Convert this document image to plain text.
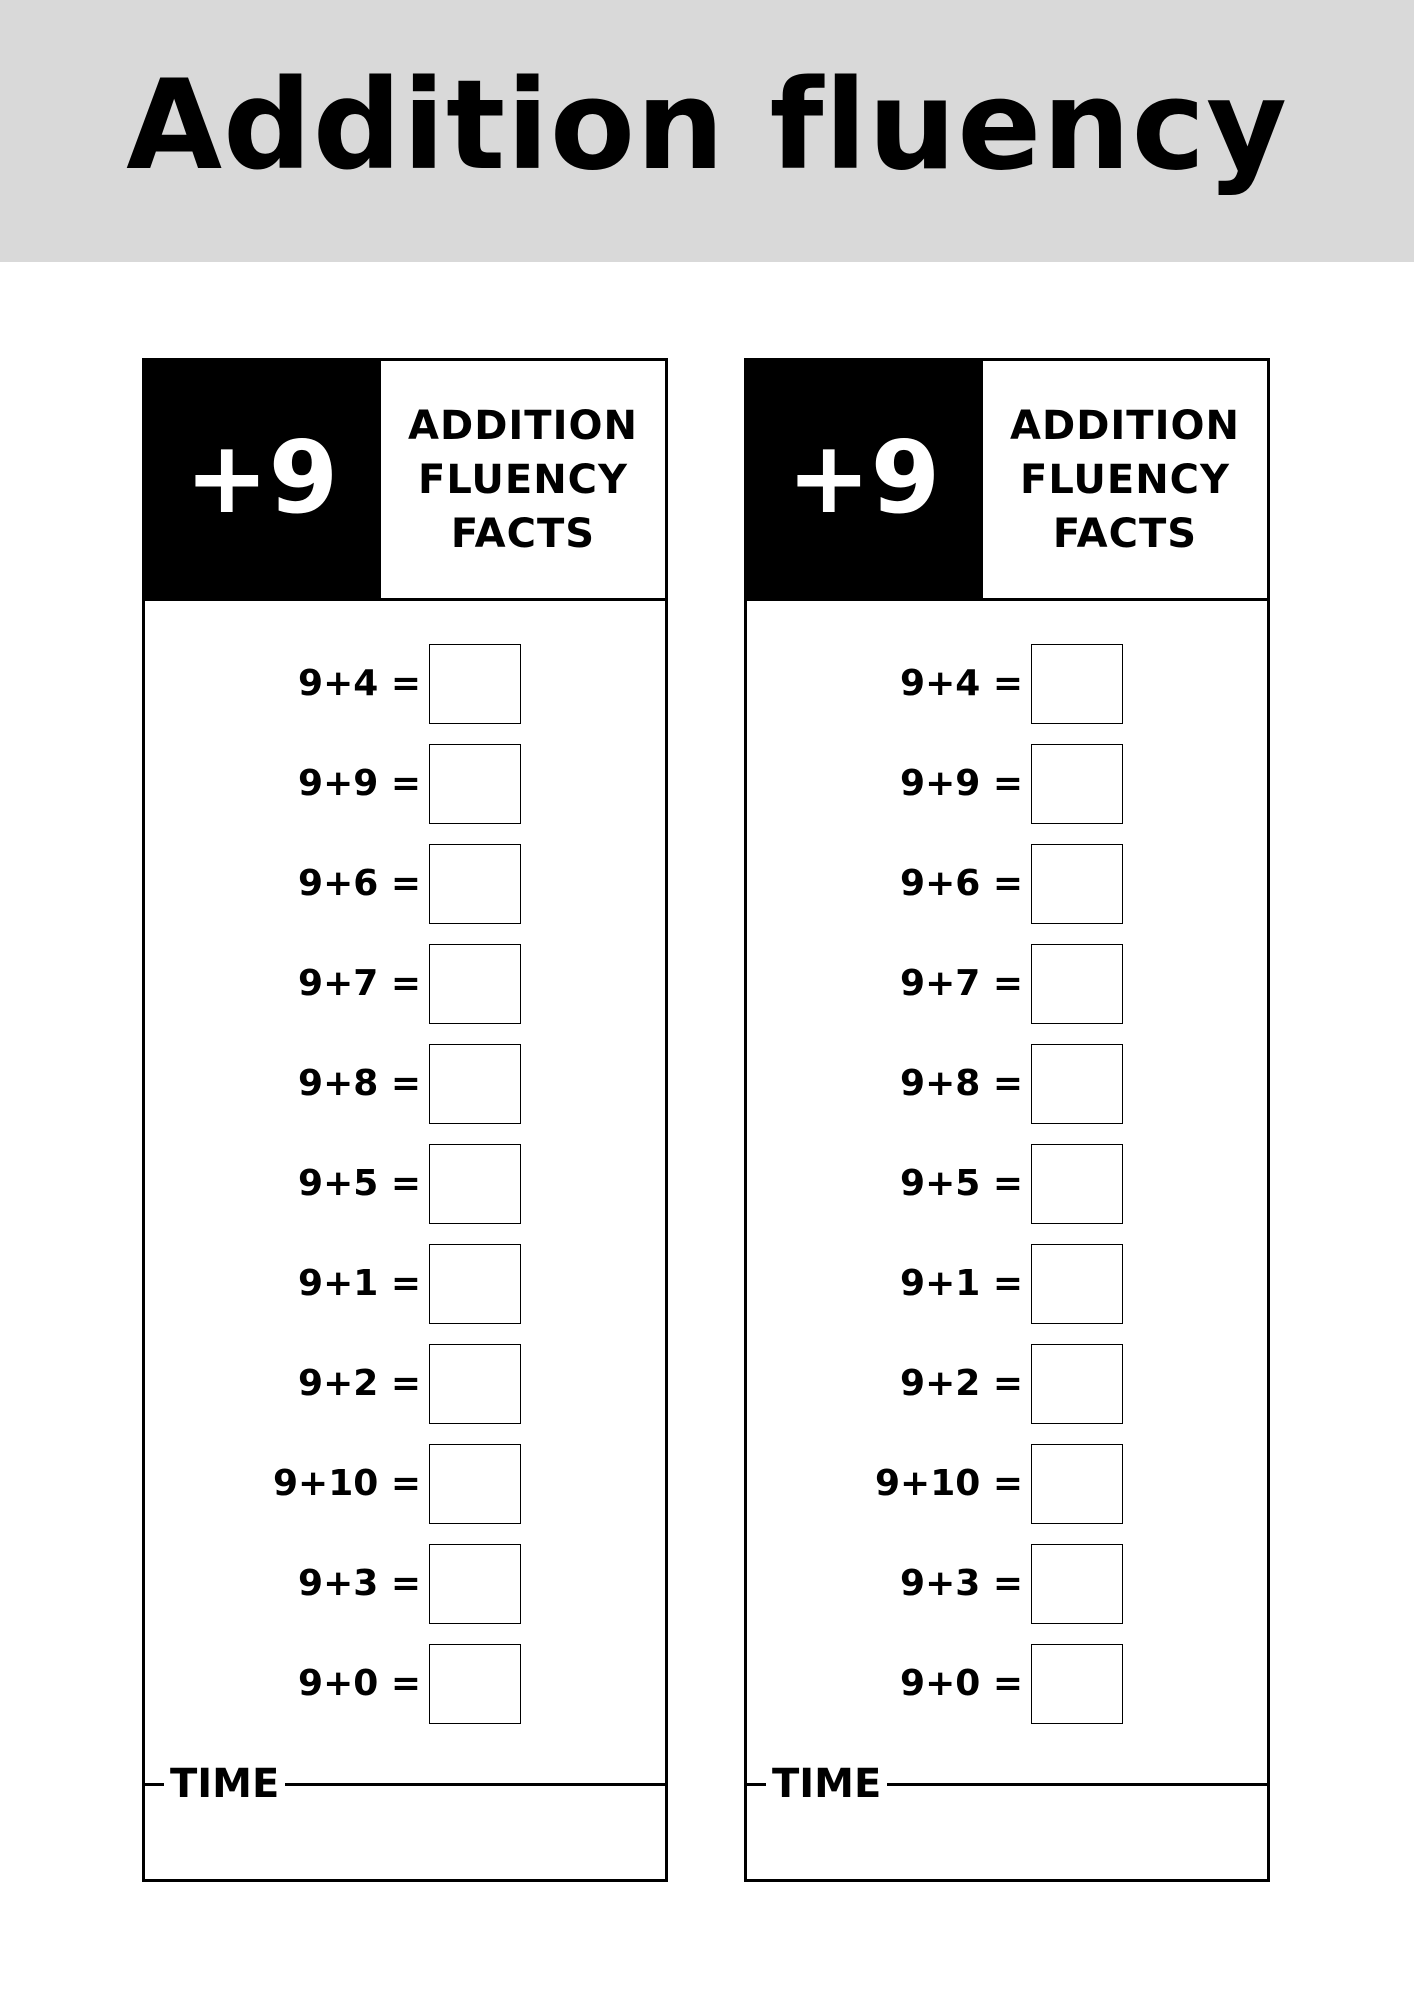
Addition fluency
+9 ADDITION
FLUENCY
FACTS
9+4 =
9+9 =
9+6 =
9+7 =
9+8 =
9+5 =
9+1 =
9+2 =
9+10 =
9+3 =
9+0 =
TIME
+9 ADDITION
FLUENCY
FACTS
9+4 =
9+9 =
9+6 =
9+7 =
9+8 =
9+5 =
9+1 =
9+2 =
9+10 =
9+3 =
9+0 =
TIME
